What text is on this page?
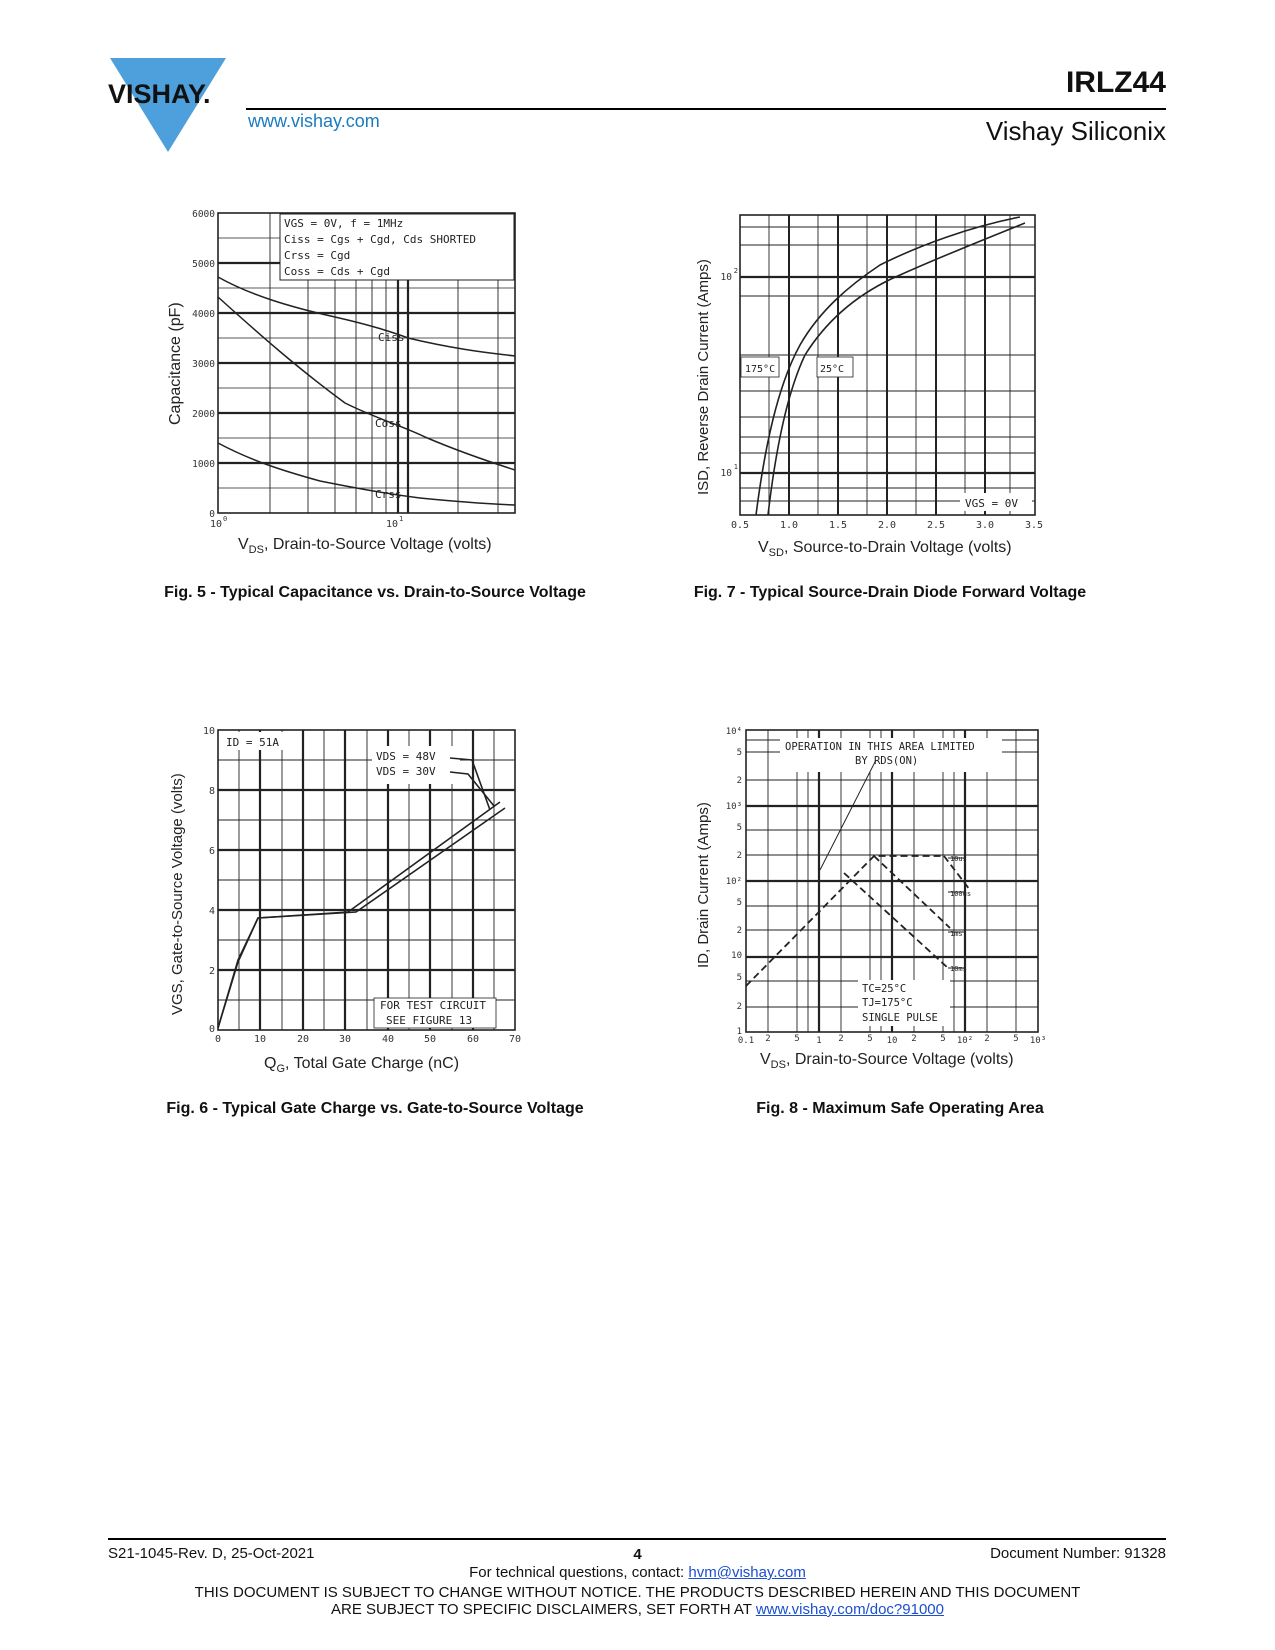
VISHAY.
www.vishay.com
IRLZ44
Vishay Siliconix
VGS = 0V, f = 1MHz
Ciss = Cgs + Cgd, Cds SHORTED
Crss = Cgd
Coss = Cds + Cgd
Ciss
Coss
Crss
6000
5000
4000
3000
2000
1000
0
10 0	10 1
$V_{DS}$, Drain-to-Source Voltage (volts)
Capacitance (pF)
Fig. 5 - Typical Capacitance vs. Drain-to-Source Voltage
175°C	25°C
VGS = 0V
10
2
10
1
0.5	1.0	1.5	2.0	2.5	3.0	3.5
$V_{SD}$, Source-to-Drain Voltage (volts)
ISD, Reverse Drain Current (Amps)
Fig. 7 - Typical Source-Drain Diode Forward Voltage
ID = 51A
VDS = 48V
VDS = 30V
FOR TEST CIRCUIT
SEE FIGURE 13
10
8
6
4
2
0
0	10	20	30	40	50	60	70
$Q_G$, Total Gate Charge (nC)
VGS, Gate-to-Source Voltage (volts)
Fig. 6 - Typical Gate Charge vs. Gate-to-Source Voltage
OPERATION IN THIS AREA LIMITED
BY RDS(ON)
TC=25°C
TJ=175°C
SINGLE PULSE
10us
100us
1ms
10ms
10⁴
5
2
10³
5
2
10²
5
2
10
5
2
1
0.1 2	5 1 2	5 10 2	5 10² 2	5 10³
$V_{DS}$, Drain-to-Source Voltage (volts)
ID, Drain Current (Amps)
Fig. 8 - Maximum Safe Operating Area
S21-1045-Rev. D, 25-Oct-2021	4	Document Number: 91328
For technical questions, contact: hvm@vishay.com
THIS DOCUMENT IS SUBJECT TO CHANGE WITHOUT NOTICE. THE PRODUCTS DESCRIBED HEREIN AND THIS DOCUMENT
ARE SUBJECT TO SPECIFIC DISCLAIMERS, SET FORTH AT www.vishay.com/doc?91000
